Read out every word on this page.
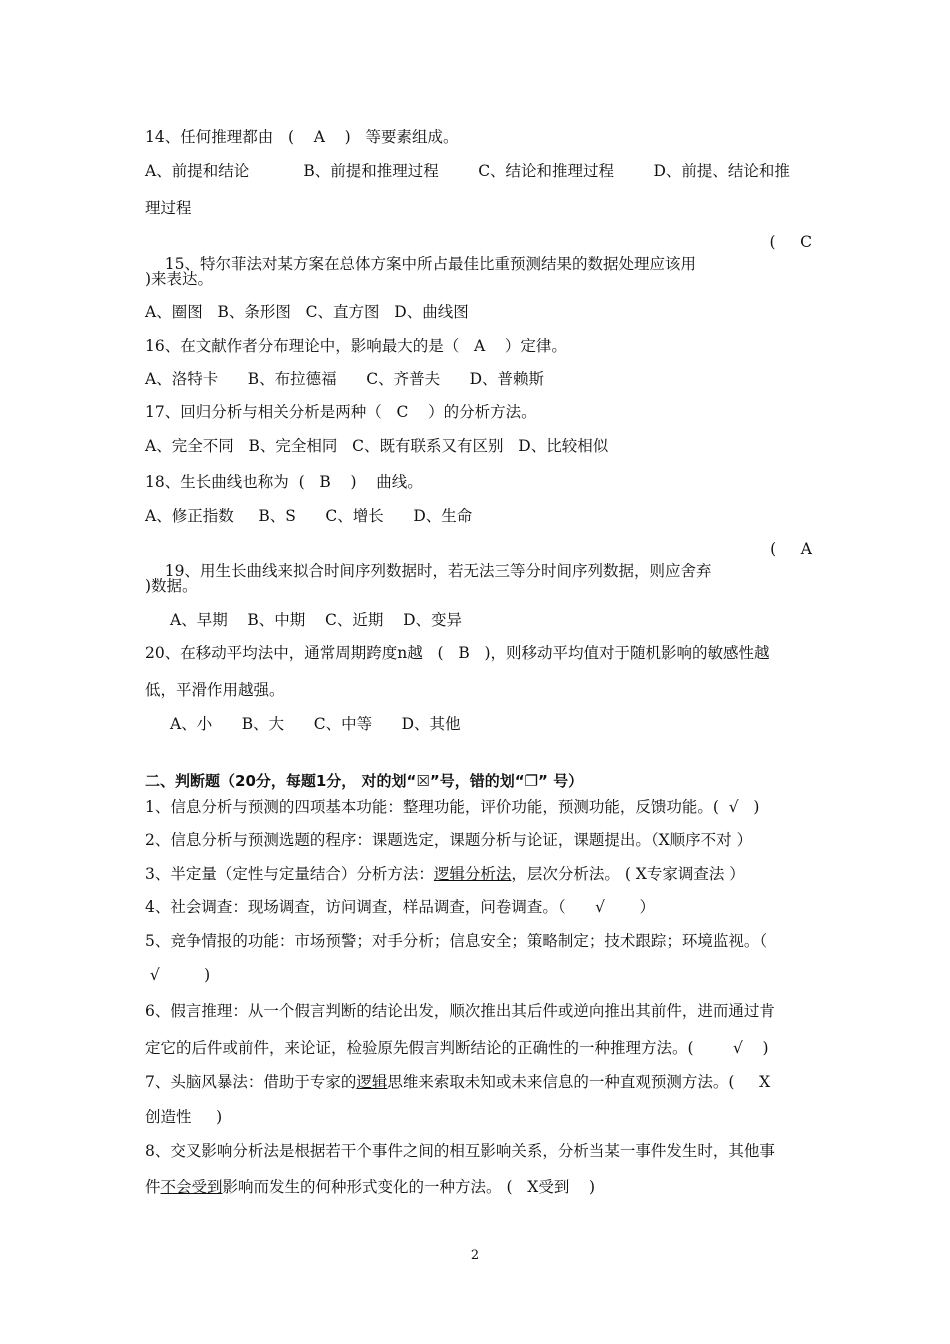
14、任何推理都由   (    A    )   等要素组成。
A、前提和结论           B、前提和推理过程        C、结论和推理过程        D、前提、结论和推
理过程

15、特尔菲法对某方案在总体方案中所占最佳比重预测结果的数据处理应该用

(     C

)来表达。
A、圈图   B、条形图   C、直方图   D、曲线图
16、在文献作者分布理论中，影响最大的是（   A    ）定律。
A、洛特卡      B、布拉德福      C、齐普夫      D、普赖斯
17、回归分析与相关分析是两种（   C    ）的分析方法。
A、完全不同   B、完全相同   C、既有联系又有区别   D、比较相似
18、生长曲线也称为  (   B    )    曲线。
A、修正指数     B、S      C、增长      D、生命

19、用生长曲线来拟合时间序列数据时，若无法三等分时间序列数据，则应舍弃

(     A

)数据。
A、早期    B、中期    C、近期    D、变异
20、在移动平均法中，通常周期跨度n越   (   B   )，则移动平均值对于随机影响的敏感性越
低，平滑作用越强。
A、小      B、大      C、中等      D、其他
二、判断题（20分，每题1分， 对的划“☒”号，错的划“❐” 号）
1、信息分析与预测的四项基本功能：整理功能，评价功能，预测功能，反馈功能。(  √   )
2、信息分析与预测选题的程序：课题选定，课题分析与论证，课题提出。（X顺序不对 ）
3、半定量（定性与定量结合）分析方法：逻辑分析法，层次分析法。 ( X专家调查法 ）
4、社会调查：现场调查，访问调查，样品调查，问卷调查。（      √       ）
5、竞争情报的功能：市场预警；对手分析；信息安全；策略制定；技术跟踪；环境监视。（
√         )
6、假言推理：从一个假言判断的结论出发，顺次推出其后件或逆向推出其前件，进而通过肯
定它的后件或前件，来论证，检验原先假言判断结论的正确性的一种推理方法。(        √    )
7、头脑风暴法：借助于专家的逻辑思维来索取未知或未来信息的一种直观预测方法。(     X
创造性     )
8、交叉影响分析法是根据若干个事件之间的相互影响关系，分析当某一事件发生时，其他事
件不会受到影响而发生的何种形式变化的一种方法。 (   X受到    )
2
